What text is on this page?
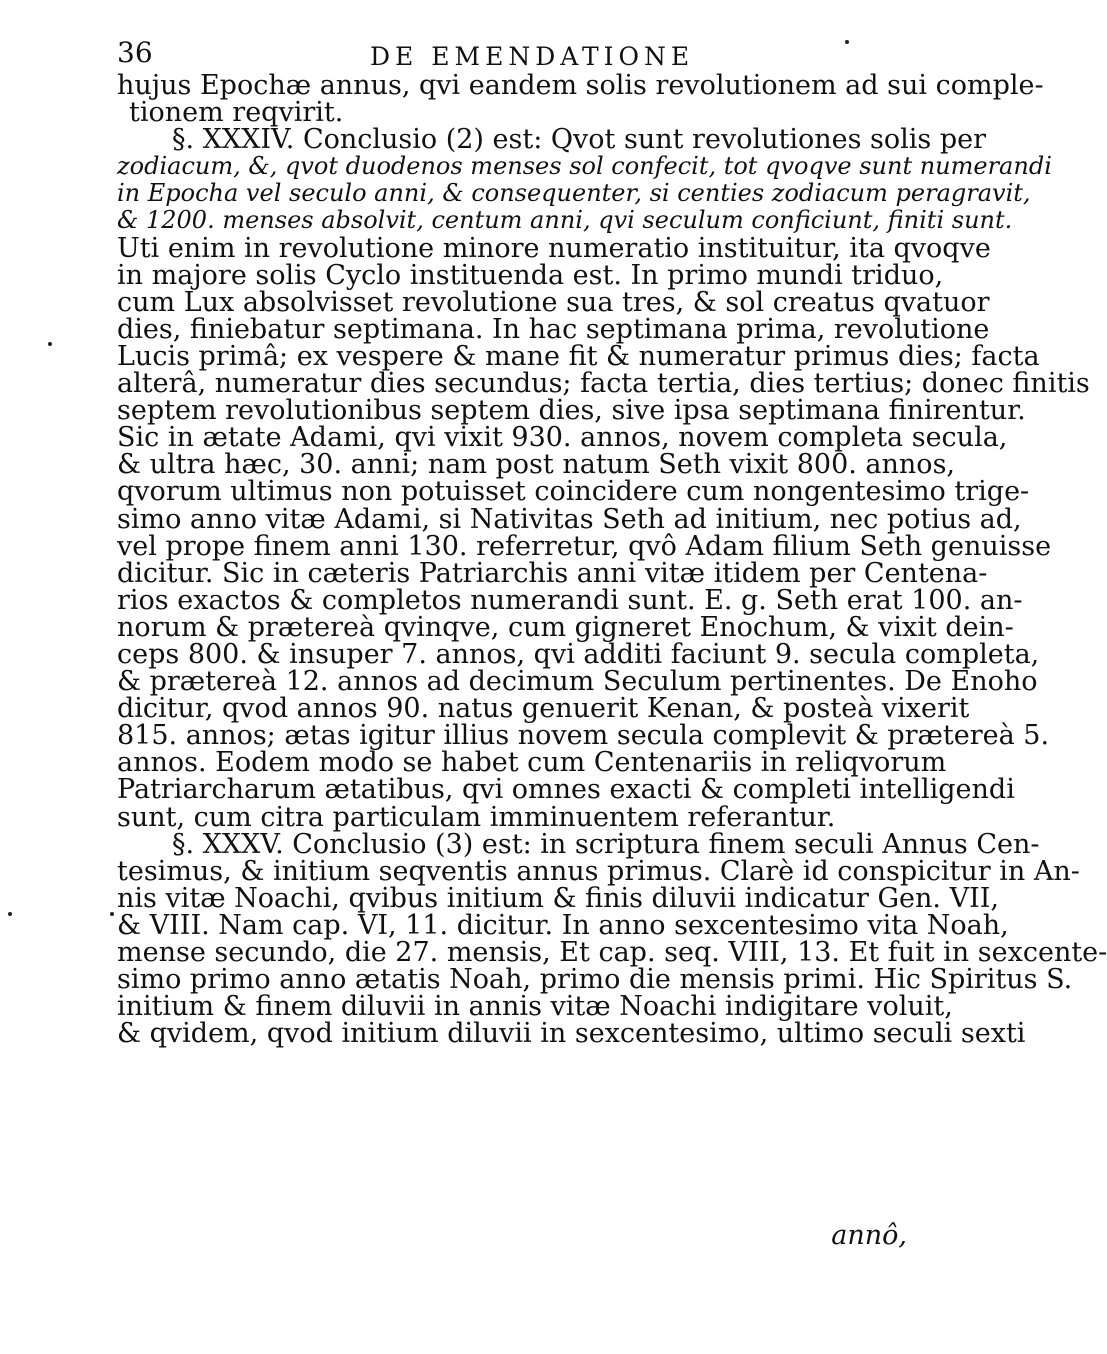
36	DE EMENDATIONE
hujus Epochæ annus, qvi eandem solis revolutionem ad sui comple-
tionem reqvirit.
§. XXXIV. Conclusio (2) est: Qvot sunt revolutiones solis per
zodiacum, &, qvot duodenos menses sol confecit, tot qvoqve sunt numerandi
in Epocha vel seculo anni, & consequenter, si centies zodiacum peragravit,
& 1200. menses absolvit, centum anni, qvi seculum conficiunt, finiti sunt.
Uti enim in revolutione minore numeratio instituitur, ita qvoqve
in majore solis Cyclo instituenda est. In primo mundi triduo,
cum Lux absolvisset revolutione sua tres, & sol creatus qvatuor
dies, finiebatur septimana. In hac septimana prima, revolutione
Lucis primâ; ex vespere & mane fit & numeratur primus dies; facta
alterâ, numeratur dies secundus; facta tertia, dies tertius; donec finitis
septem revolutionibus septem dies, sive ipsa septimana finirentur.
Sic in ætate Adami, qvi vixit 930. annos, novem completa secula,
& ultra hæc, 30. anni; nam post natum Seth vixit 800. annos,
qvorum ultimus non potuisset coincidere cum nongentesimo trige-
simo anno vitæ Adami, si Nativitas Seth ad initium, nec potius ad,
vel prope finem anni 130. referretur, qvô Adam filium Seth genuisse
dicitur. Sic in cæteris Patriarchis anni vitæ itidem per Centena-
rios exactos & completos numerandi sunt. E. g. Seth erat 100. an-
norum & prætereà qvinqve, cum gigneret Enochum, & vixit dein-
ceps 800. & insuper 7. annos, qvi additi faciunt 9. secula completa,
& prætereà 12. annos ad decimum Seculum pertinentes. De Enoho
dicitur, qvod annos 90. natus genuerit Kenan, & posteà vixerit
815. annos; ætas igitur illius novem secula complevit & prætereà 5.
annos. Eodem modo se habet cum Centenariis in reliqvorum
Patriarcharum ætatibus, qvi omnes exacti & completi intelligendi
sunt, cum citra particulam imminuentem referantur.
§. XXXV. Conclusio (3) est: in scriptura finem seculi Annus Cen-
tesimus, & initium seqventis annus primus. Clarè id conspicitur in An-
nis vitæ Noachi, qvibus initium & finis diluvii indicatur Gen. VII,
& VIII. Nam cap. VI, 11. dicitur. In anno sexcentesimo vita Noah,
mense secundo, die 27. mensis, Et cap. seq. VIII, 13. Et fuit in sexcente-
simo primo anno ætatis Noah, primo die mensis primi. Hic Spiritus S.
initium & finem diluvii in annis vitæ Noachi indigitare voluit,
& qvidem, qvod initium diluvii in sexcentesimo, ultimo seculi sexti
annô,
